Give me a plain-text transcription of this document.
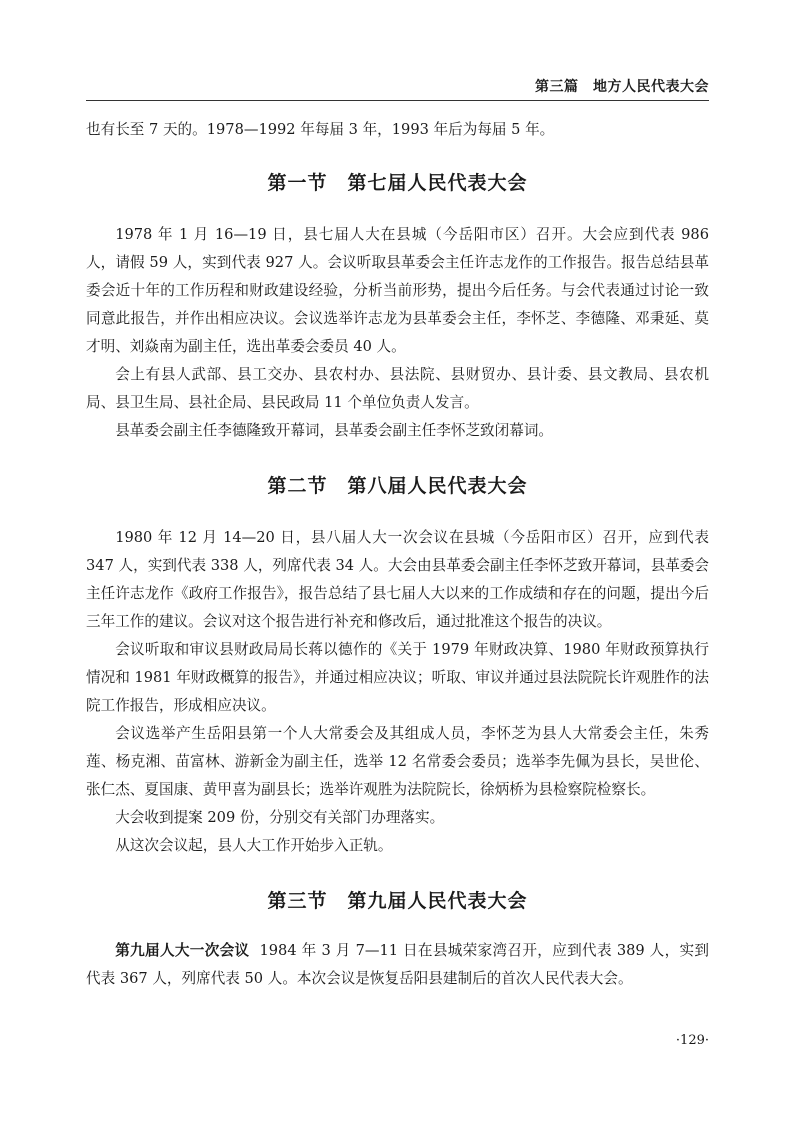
第三篇　地方人民代表大会

也有长至 7 天的。1978—1992 年每届 3 年，1993 年后为每届 5 年。

第一节　第七届人民代表大会

1978 年 1 月 16—19 日，县七届人大在县城（今岳阳市区）召开。大会应到代表 986 人，请假 59 人，实到代表 927 人。会议听取县革委会主任许志龙作的工作报告。报告总结县革委会近十年的工作历程和财政建设经验，分析当前形势，提出今后任务。与会代表通过讨论一致同意此报告，并作出相应决议。会议选举许志龙为县革委会主任，李怀芝、李德隆、邓秉延、莫才明、刘焱南为副主任，选出革委会委员 40 人。

会上有县人武部、县工交办、县农村办、县法院、县财贸办、县计委、县文教局、县农机局、县卫生局、县社企局、县民政局 11 个单位负责人发言。

县革委会副主任李德隆致开幕词，县革委会副主任李怀芝致闭幕词。

第二节　第八届人民代表大会

1980 年 12 月 14—20 日，县八届人大一次会议在县城（今岳阳市区）召开，应到代表 347 人，实到代表 338 人，列席代表 34 人。大会由县革委会副主任李怀芝致开幕词，县革委会主任许志龙作《政府工作报告》，报告总结了县七届人大以来的工作成绩和存在的问题，提出今后三年工作的建议。会议对这个报告进行补充和修改后，通过批准这个报告的决议。

会议听取和审议县财政局局长蒋以德作的《关于 1979 年财政决算、1980 年财政预算执行情况和 1981 年财政概算的报告》，并通过相应决议；听取、审议并通过县法院院长许观胜作的法院工作报告，形成相应决议。

会议选举产生岳阳县第一个人大常委会及其组成人员，李怀芝为县人大常委会主任，朱秀莲、杨克湘、苗富林、游新金为副主任，选举 12 名常委会委员；选举李先佩为县长，吴世伦、张仁杰、夏国康、黄甲喜为副县长；选举许观胜为法院院长，徐炳桥为县检察院检察长。

大会收到提案 209 份，分别交有关部门办理落实。

从这次会议起，县人大工作开始步入正轨。

第三节　第九届人民代表大会

第九届人大一次会议 1984 年 3 月 7—11 日在县城荣家湾召开，应到代表 389 人，实到代表 367 人，列席代表 50 人。本次会议是恢复岳阳县建制后的首次人民代表大会。

·129·
